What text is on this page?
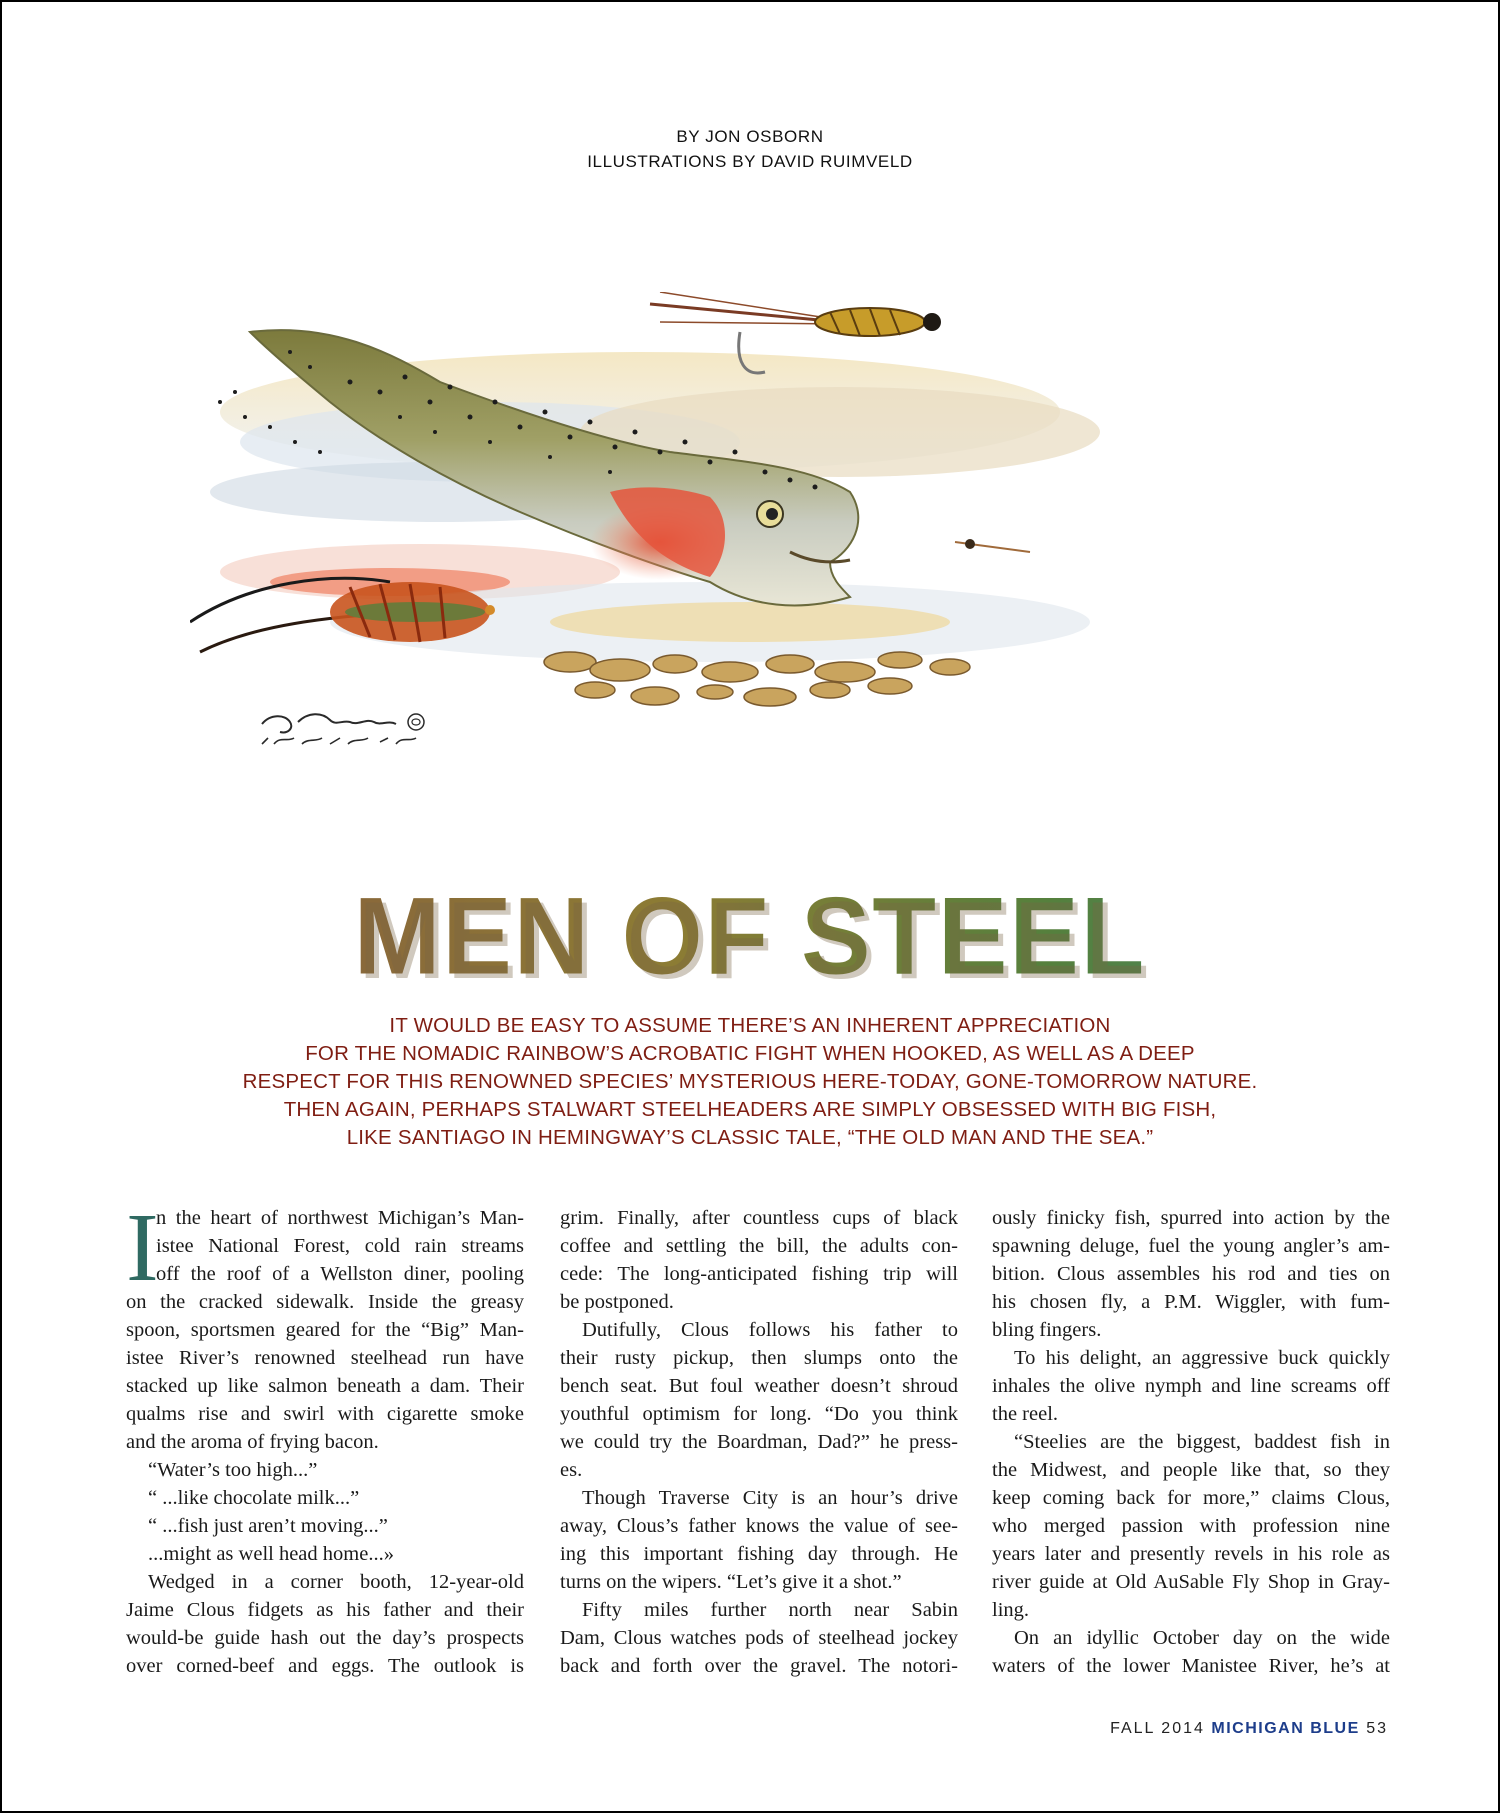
BY JON OSBORN
ILLUSTRATIONS BY DAVID RUIMVELD
MEN OF STEEL
IT WOULD BE EASY TO ASSUME THERE’S AN INHERENT APPRECIATION
FOR THE NOMADIC RAINBOW’S ACROBATIC FIGHT WHEN HOOKED, AS WELL AS A DEEP
RESPECT FOR THIS RENOWNED SPECIES’ MYSTERIOUS HERE-TODAY, GONE-TOMORROW NATURE.
THEN AGAIN, PERHAPS STALWART STEELHEADERS ARE SIMPLY OBSESSED WITH BIG FISH,
LIKE SANTIAGO IN HEMINGWAY’S CLASSIC TALE, “THE OLD MAN AND THE SEA.”
I
n the heart of northwest Michigan’s Man-
istee National Forest, cold rain streams
off the roof of a Wellston diner, pooling
on the cracked sidewalk. Inside the greasy
spoon, sportsmen geared for the “Big” Man-
istee River’s renowned steelhead run have
stacked up like salmon beneath a dam. Their
qualms rise and swirl with cigarette smoke
and the aroma of frying bacon.
“Water’s too high...”
“ ...like chocolate milk...”
“ ...fish just aren’t moving...”
...might as well head home...»
Wedged in a corner booth, 12-year-old
Jaime Clous fidgets as his father and their
would-be guide hash out the day’s prospects
over corned-beef and eggs. The outlook is
grim. Finally, after countless cups of black
coffee and settling the bill, the adults con-
cede: The long-anticipated fishing trip will
be postponed.
Dutifully, Clous follows his father to
their rusty pickup, then slumps onto the
bench seat. But foul weather doesn’t shroud
youthful optimism for long. “Do you think
we could try the Boardman, Dad?” he press-
es.
Though Traverse City is an hour’s drive
away, Clous’s father knows the value of see-
ing this important fishing day through. He
turns on the wipers. “Let’s give it a shot.”
Fifty miles further north near Sabin
Dam, Clous watches pods of steelhead jockey
back and forth over the gravel. The notori-
ously finicky fish, spurred into action by the
spawning deluge, fuel the young angler’s am-
bition. Clous assembles his rod and ties on
his chosen fly, a P.M. Wiggler, with fum-
bling fingers.
To his delight, an aggressive buck quickly
inhales the olive nymph and line screams off
the reel.
“Steelies are the biggest, baddest fish in
the Midwest, and people like that, so they
keep coming back for more,” claims Clous,
who merged passion with profession nine
years later and presently revels in his role as
river guide at Old AuSable Fly Shop in Gray-
ling.
On an idyllic October day on the wide
waters of the lower Manistee River, he’s at
FALL 2014 MICHIGAN BLUE 53
